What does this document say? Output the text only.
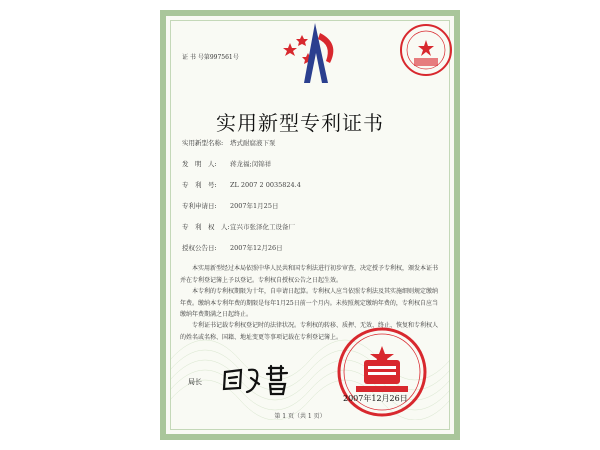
证 书 号第997561号
实用新型专利证书
实用新型名称: 塔式耐腐液下泵
发　明　人: 蒋龙福;闵锦祥
专　利　号: ZL 2007 2 0035824.4
专利申请日: 2007年1月25日
专　利　权　人:宜兴市张泽化工设备厂
授权公告日: 2007年12月26日
本实用新型经过本局依照中华人民共和国专利法进行初步审查，决定授予专利权，颁发本证书并在专利登记簿上予以登记。专利权自授权公告之日起生效。
本专利的专利权期限为十年，自申请日起算。专利权人应当依照专利法及其实施细则规定缴纳年费。缴纳本专利年费的期限是每年1月25日前一个月内。未按照规定缴纳年费的，专利权自应当缴纳年费期满之日起终止。
专利证书记载专利权登记时的法律状况。专利权的转移、质押、无效、终止、恢复和专利权人的姓名或名称、国籍、地址变更等事项记载在专利登记簿上。
局长
2007年12月26日
第 1 页（共 1 页）
